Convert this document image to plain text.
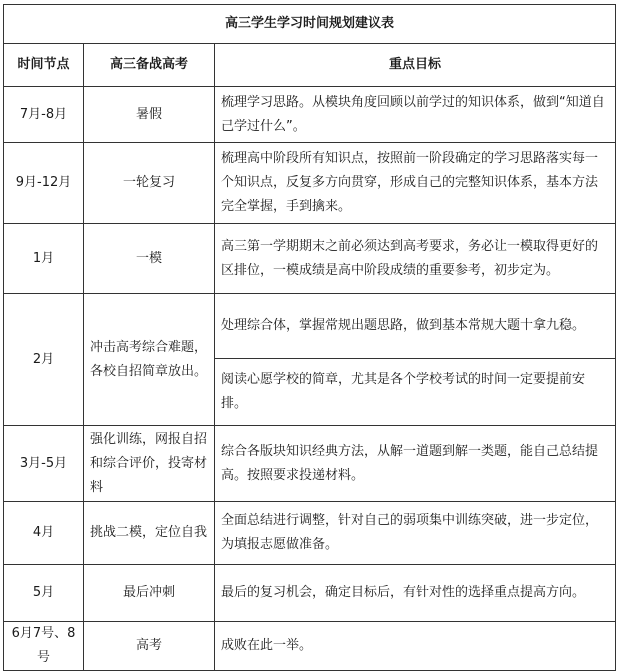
高三学生学习时间规划建议表		
时间节点	高三备战高考	重点目标
7月-8月	暑假	梳理学习思路。从模块角度回顾以前学过的知识体系，做到“知道自己学过什么”。
9月-12月	一轮复习	梳理高中阶段所有知识点，按照前一阶段确定的学习思路落实每一个知识点，反复多方向贯穿，形成自己的完整知识体系，基本方法完全掌握，手到擒来。
1月	一模	高三第一学期期末之前必须达到高考要求，务必让一模取得更好的区排位，一模成绩是高中阶段成绩的重要参考，初步定为。
2月	冲击高考综合难题，各校自招简章放出。	处理综合体，掌握常规出题思路，做到基本常规大题十拿九稳。
		阅读心愿学校的简章，尤其是各个学校考试的时间一定要提前安排。
3月-5月	强化训练，网报自招和综合评价，投寄材料	综合各版块知识经典方法，从解一道题到解一类题，能自己总结提高。按照要求投递材料。
4月	挑战二模，定位自我	全面总结进行调整，针对自己的弱项集中训练突破，进一步定位，为填报志愿做准备。
5月	最后冲刺	最后的复习机会，确定目标后，有针对性的选择重点提高方向。
6月7号、8号	高考	成败在此一举。
